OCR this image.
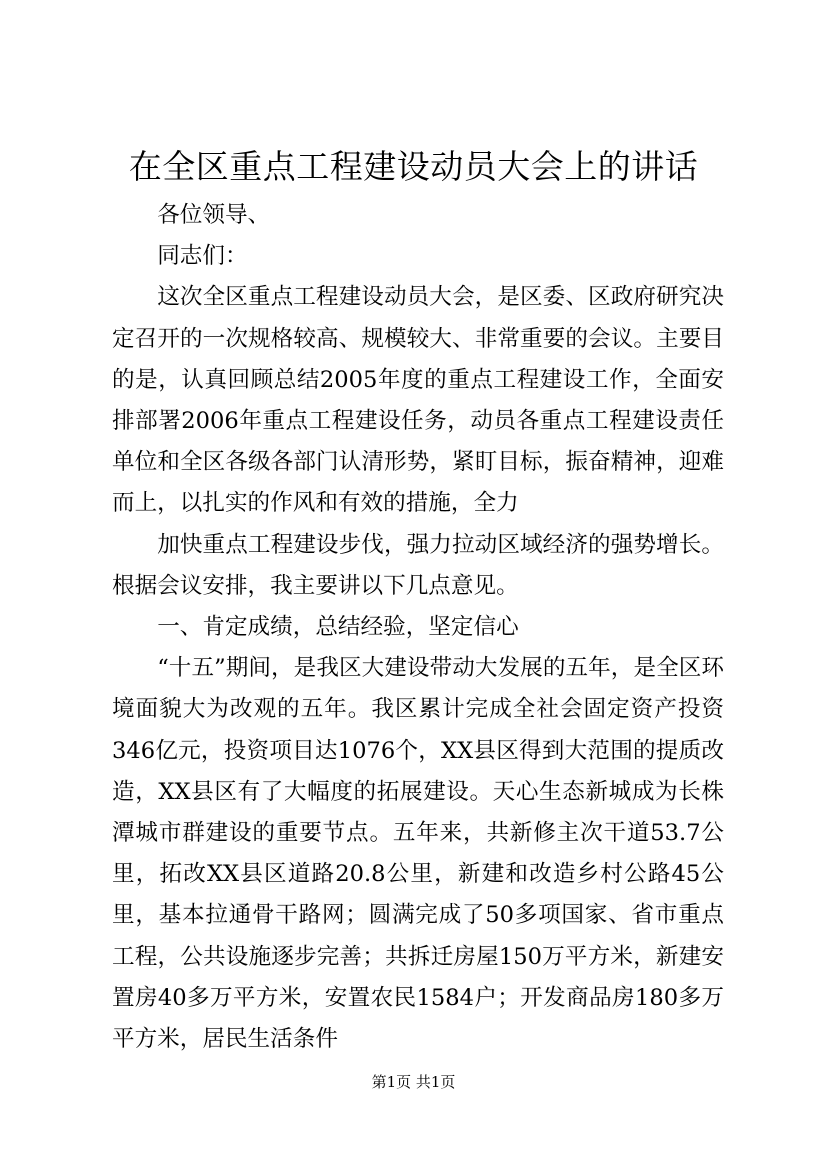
在全区重点工程建设动员大会上的讲话

各位领导、

同志们：

这次全区重点工程建设动员大会，是区委、区政府研究决定召开的一次规格较高、规模较大、非常重要的会议。主要目的是，认真回顾总结2005年度的重点工程建设工作，全面安排部署2006年重点工程建设任务，动员各重点工程建设责任单位和全区各级各部门认清形势，紧盯目标，振奋精神，迎难而上，以扎实的作风和有效的措施，全力

加快重点工程建设步伐，强力拉动区域经济的强势增长。根据会议安排，我主要讲以下几点意见。

一、肯定成绩，总结经验，坚定信心

“十五”期间，是我区大建设带动大发展的五年，是全区环境面貌大为改观的五年。我区累计完成全社会固定资产投资346亿元，投资项目达1076个，XX县区得到大范围的提质改造，XX县区有了大幅度的拓展建设。天心生态新城成为长株潭城市群建设的重要节点。五年来，共新修主次干道53.7公里，拓改XX县区道路20.8公里，新建和改造乡村公路45公里，基本拉通骨干路网；圆满完成了50多项国家、省市重点工程，公共设施逐步完善；共拆迁房屋150万平方米，新建安置房40多万平方米，安置农民1584户；开发商品房180多万平方米，居民生活条件

第1页 共1页
